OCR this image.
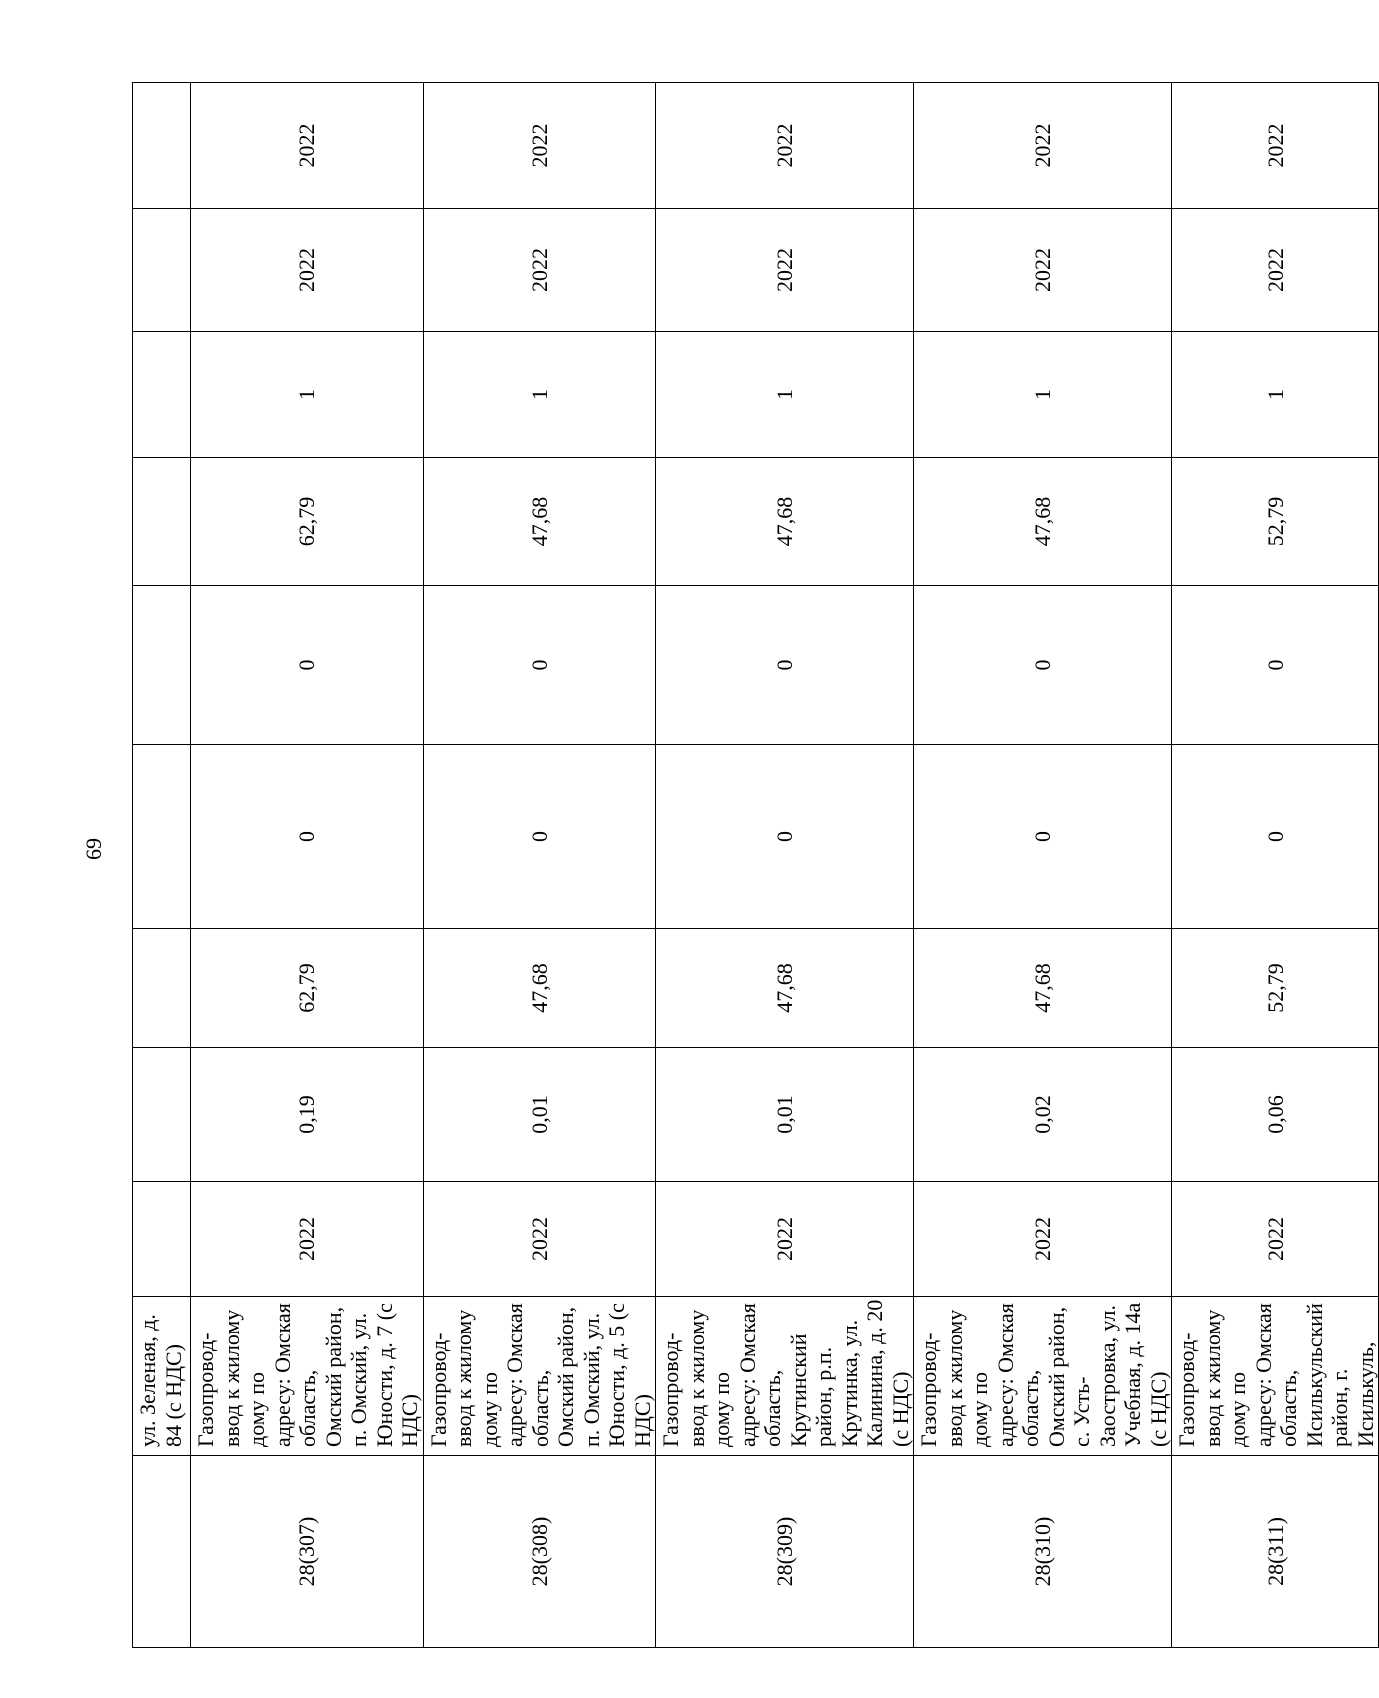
69
	ул. Зеленая, д. 84 (с НДС)									
28(307)	Газопровод-ввод к жилому дому по адресу: Омская область, Омский район, п. Омский, ул. Юности, д. 7 (с НДС)	2022	0,19	62,79	0	0	62,79	1	2022	2022
28(308)	Газопровод-ввод к жилому дому по адресу: Омская область, Омский район, п. Омский, ул. Юности, д. 5 (с НДС)	2022	0,01	47,68	0	0	47,68	1	2022	2022
28(309)	Газопровод-ввод к жилому дому по адресу: Омская область, Крутинский район, р.п. Крутинка, ул. Калинина, д. 20 (с НДС)	2022	0,01	47,68	0	0	47,68	1	2022	2022
28(310)	Газопровод-ввод к жилому дому по адресу: Омская область, Омский район, с. Усть-Заостровка, ул. Учебная, д. 14а (с НДС)	2022	0,02	47,68	0	0	47,68	1	2022	2022
28(311)	Газопровод-ввод к жилому дому по адресу: Омская область, Исилькульский район, г. Исилькуль,	2022	0,06	52,79	0	0	52,79	1	2022	2022
